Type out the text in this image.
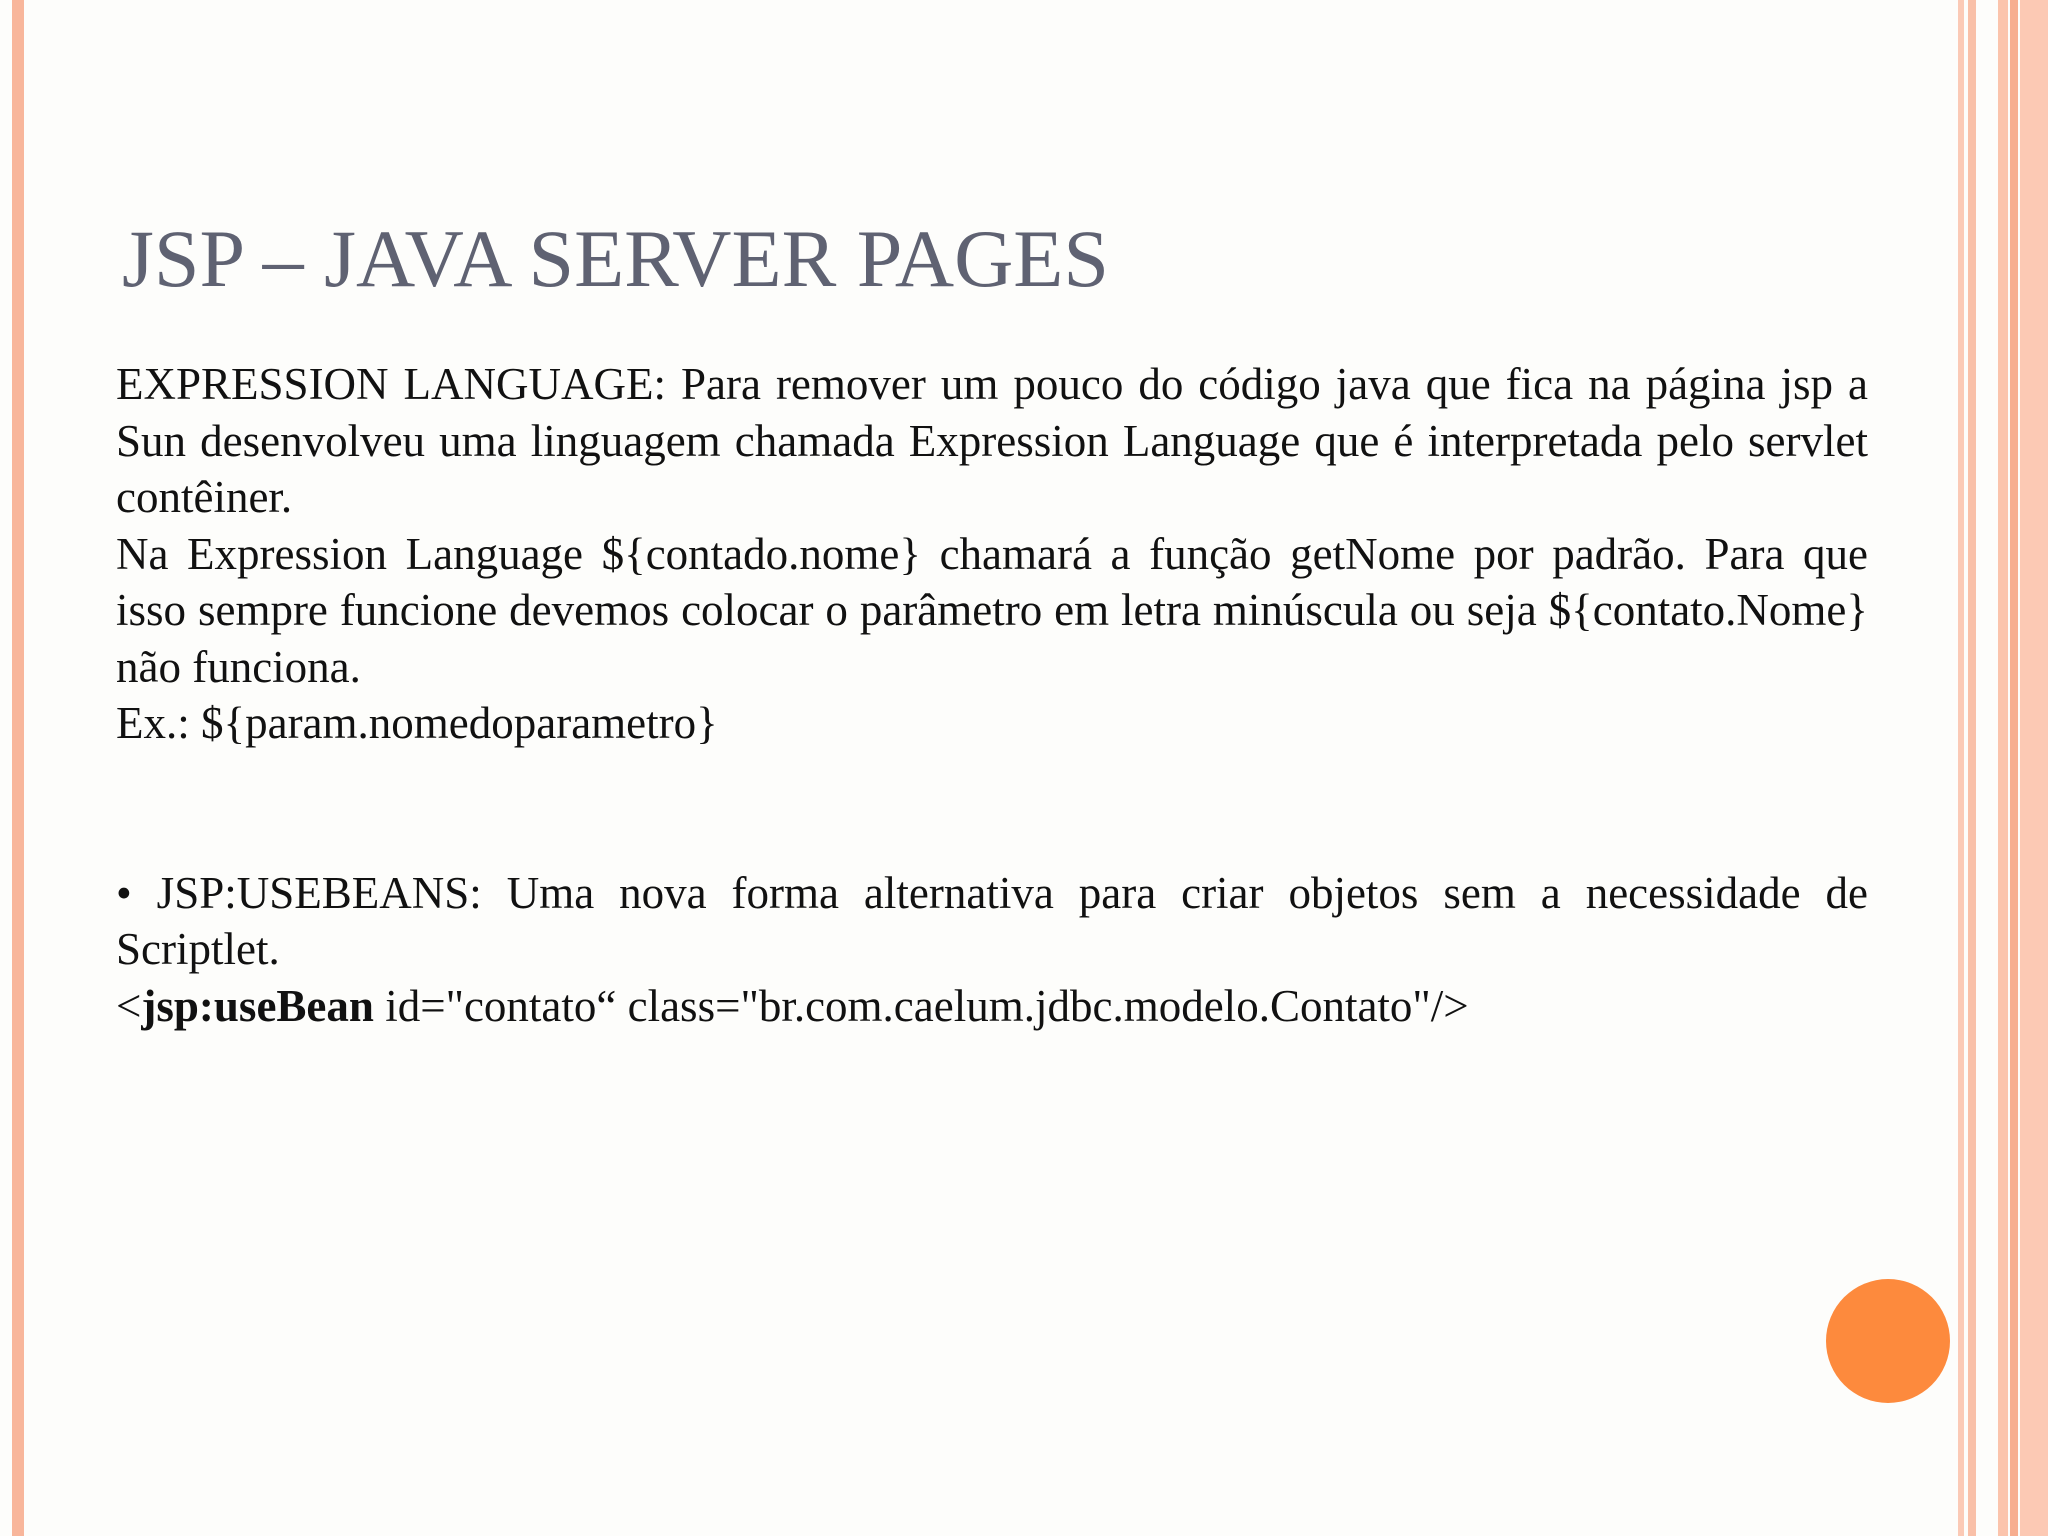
JSP – JAVA SERVER PAGES

EXPRESSION LANGUAGE: Para remover um pouco do código java que fica na página jsp a Sun desenvolveu uma linguagem chamada Expression Language que é interpretada pelo servlet contêiner.

Na Expression Language ${contado.nome} chamará a função getNome por padrão. Para que isso sempre funcione devemos colocar o parâmetro em letra minúscula ou seja ${contato.Nome} não funciona.

Ex.: ${param.nomedoparametro}

• JSP:USEBEANS: Uma nova forma alternativa para criar objetos sem a necessidade de Scriptlet.

<jsp:useBean id="contato“ class="br.com.caelum.jdbc.modelo.Contato"/>
